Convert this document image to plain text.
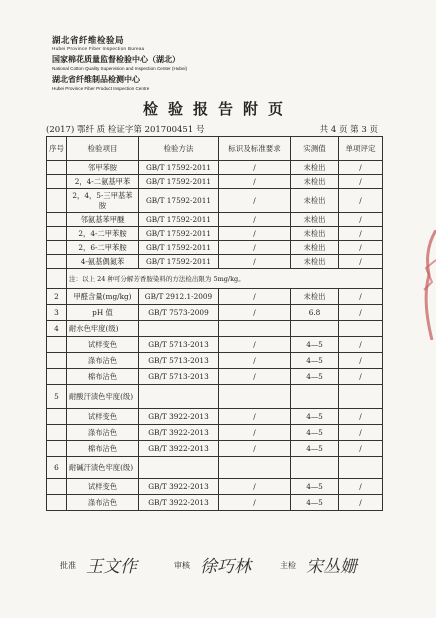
湖北省纤维检验局
Hubei Province Fiber Inspection Bureau
国家棉花质量监督检验中心（湖北）
National Cotton Quality Supervision and Inspection Center (Hubei)
湖北省纤维制品检测中心
Hubei Province Fiber Product Inspection Centre
检验报告附页
(2017) 鄂纤 质 检证字第 201700451 号	共 4 页 第 3 页
序号	检验项目	检验方法	标识及标准要求	实测值	单项评定
	邻甲苯胺	GB/T 17592-2011	/	未检出	/
	2，4-二氨基甲苯	GB/T 17592-2011	/	未检出	/
	2，4，5-三甲基苯胺	GB/T 17592-2011	/	未检出	/
	邻氨基苯甲醚	GB/T 17592-2011	/	未检出	/
	2，4-二甲苯胺	GB/T 17592-2011	/	未检出	/
	2，6-二甲苯胺	GB/T 17592-2011	/	未检出	/
	4-氨基偶氮苯	GB/T 17592-2011	/	未检出	/
	注：以上 24 种可分解芳香胺染料的方法检出限为 5mg/kg。				
2	甲醛含量(mg/kg)	GB/T 2912.1-2009	/	未检出	/
3	pH 值	GB/T 7573-2009	/	6.8	/
4	耐水色牢度(级)				
	试样变色	GB/T 5713-2013	/	4—5	/
	涤布沾色	GB/T 5713-2013	/	4—5	/
	棉布沾色	GB/T 5713-2013	/	4—5	/
5	耐酸汗渍色牢度(级)				
	试样变色	GB/T 3922-2013	/	4—5	/
	涤布沾色	GB/T 3922-2013	/	4—5	/
	棉布沾色	GB/T 3922-2013	/	4—5	/
6	耐碱汗渍色牢度(级)				
	试样变色	GB/T 3922-2013	/	4—5	/
	涤布沾色	GB/T 3922-2013	/	4—5	/
批准 王文作	审核 徐巧林	主检 宋丛姗
